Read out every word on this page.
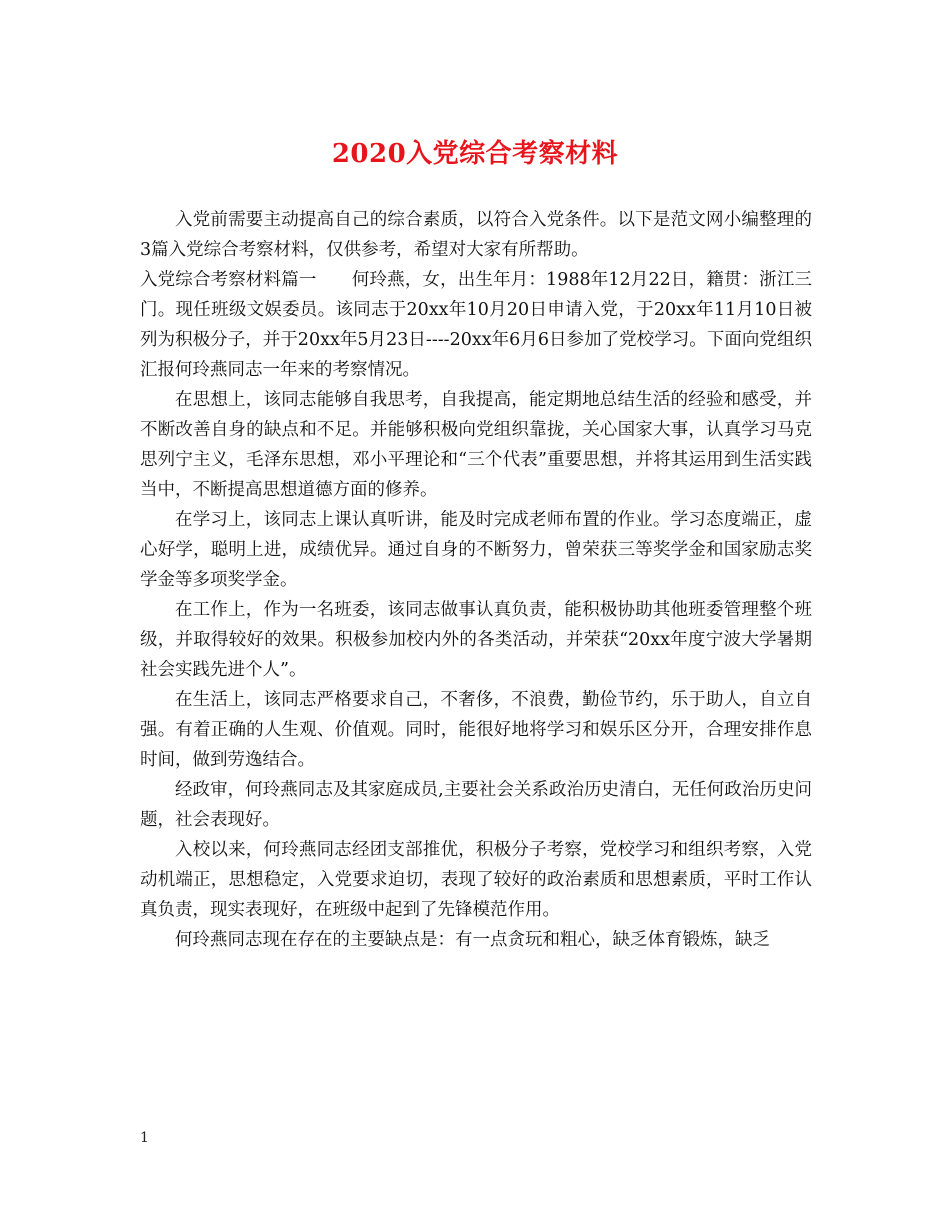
2020入党综合考察材料

入党前需要主动提高自己的综合素质，以符合入党条件。以下是范文网小编整理的3篇入党综合考察材料，仅供参考，希望对大家有所帮助。

入党综合考察材料篇一　　何玲燕，女，出生年月：1988年12月22日，籍贯：浙江三门。现任班级文娱委员。该同志于20xx年10月20日申请入党，于20xx年11月10日被列为积极分子，并于20xx年5月23日----20xx年6月6日参加了党校学习。下面向党组织汇报何玲燕同志一年来的考察情况。

在思想上，该同志能够自我思考，自我提高，能定期地总结生活的经验和感受，并不断改善自身的缺点和不足。并能够积极向党组织靠拢，关心国家大事，认真学习马克思列宁主义，毛泽东思想，邓小平理论和“三个代表”重要思想，并将其运用到生活实践当中，不断提高思想道德方面的修养。

在学习上，该同志上课认真听讲，能及时完成老师布置的作业。学习态度端正，虚心好学，聪明上进，成绩优异。通过自身的不断努力，曾荣获三等奖学金和国家励志奖学金等多项奖学金。

在工作上，作为一名班委，该同志做事认真负责，能积极协助其他班委管理整个班级，并取得较好的效果。积极参加校内外的各类活动，并荣获“20xx年度宁波大学暑期社会实践先进个人”。

在生活上，该同志严格要求自己，不奢侈，不浪费，勤俭节约，乐于助人，自立自强。有着正确的人生观、价值观。同时，能很好地将学习和娱乐区分开，合理安排作息时间，做到劳逸结合。

经政审，何玲燕同志及其家庭成员,主要社会关系政治历史清白，无任何政治历史问题，社会表现好。

入校以来，何玲燕同志经团支部推优，积极分子考察，党校学习和组织考察，入党动机端正，思想稳定，入党要求迫切，表现了较好的政治素质和思想素质，平时工作认真负责，现实表现好，在班级中起到了先锋模范作用。

何玲燕同志现在存在的主要缺点是：有一点贪玩和粗心，缺乏体育锻炼，缺乏

1
